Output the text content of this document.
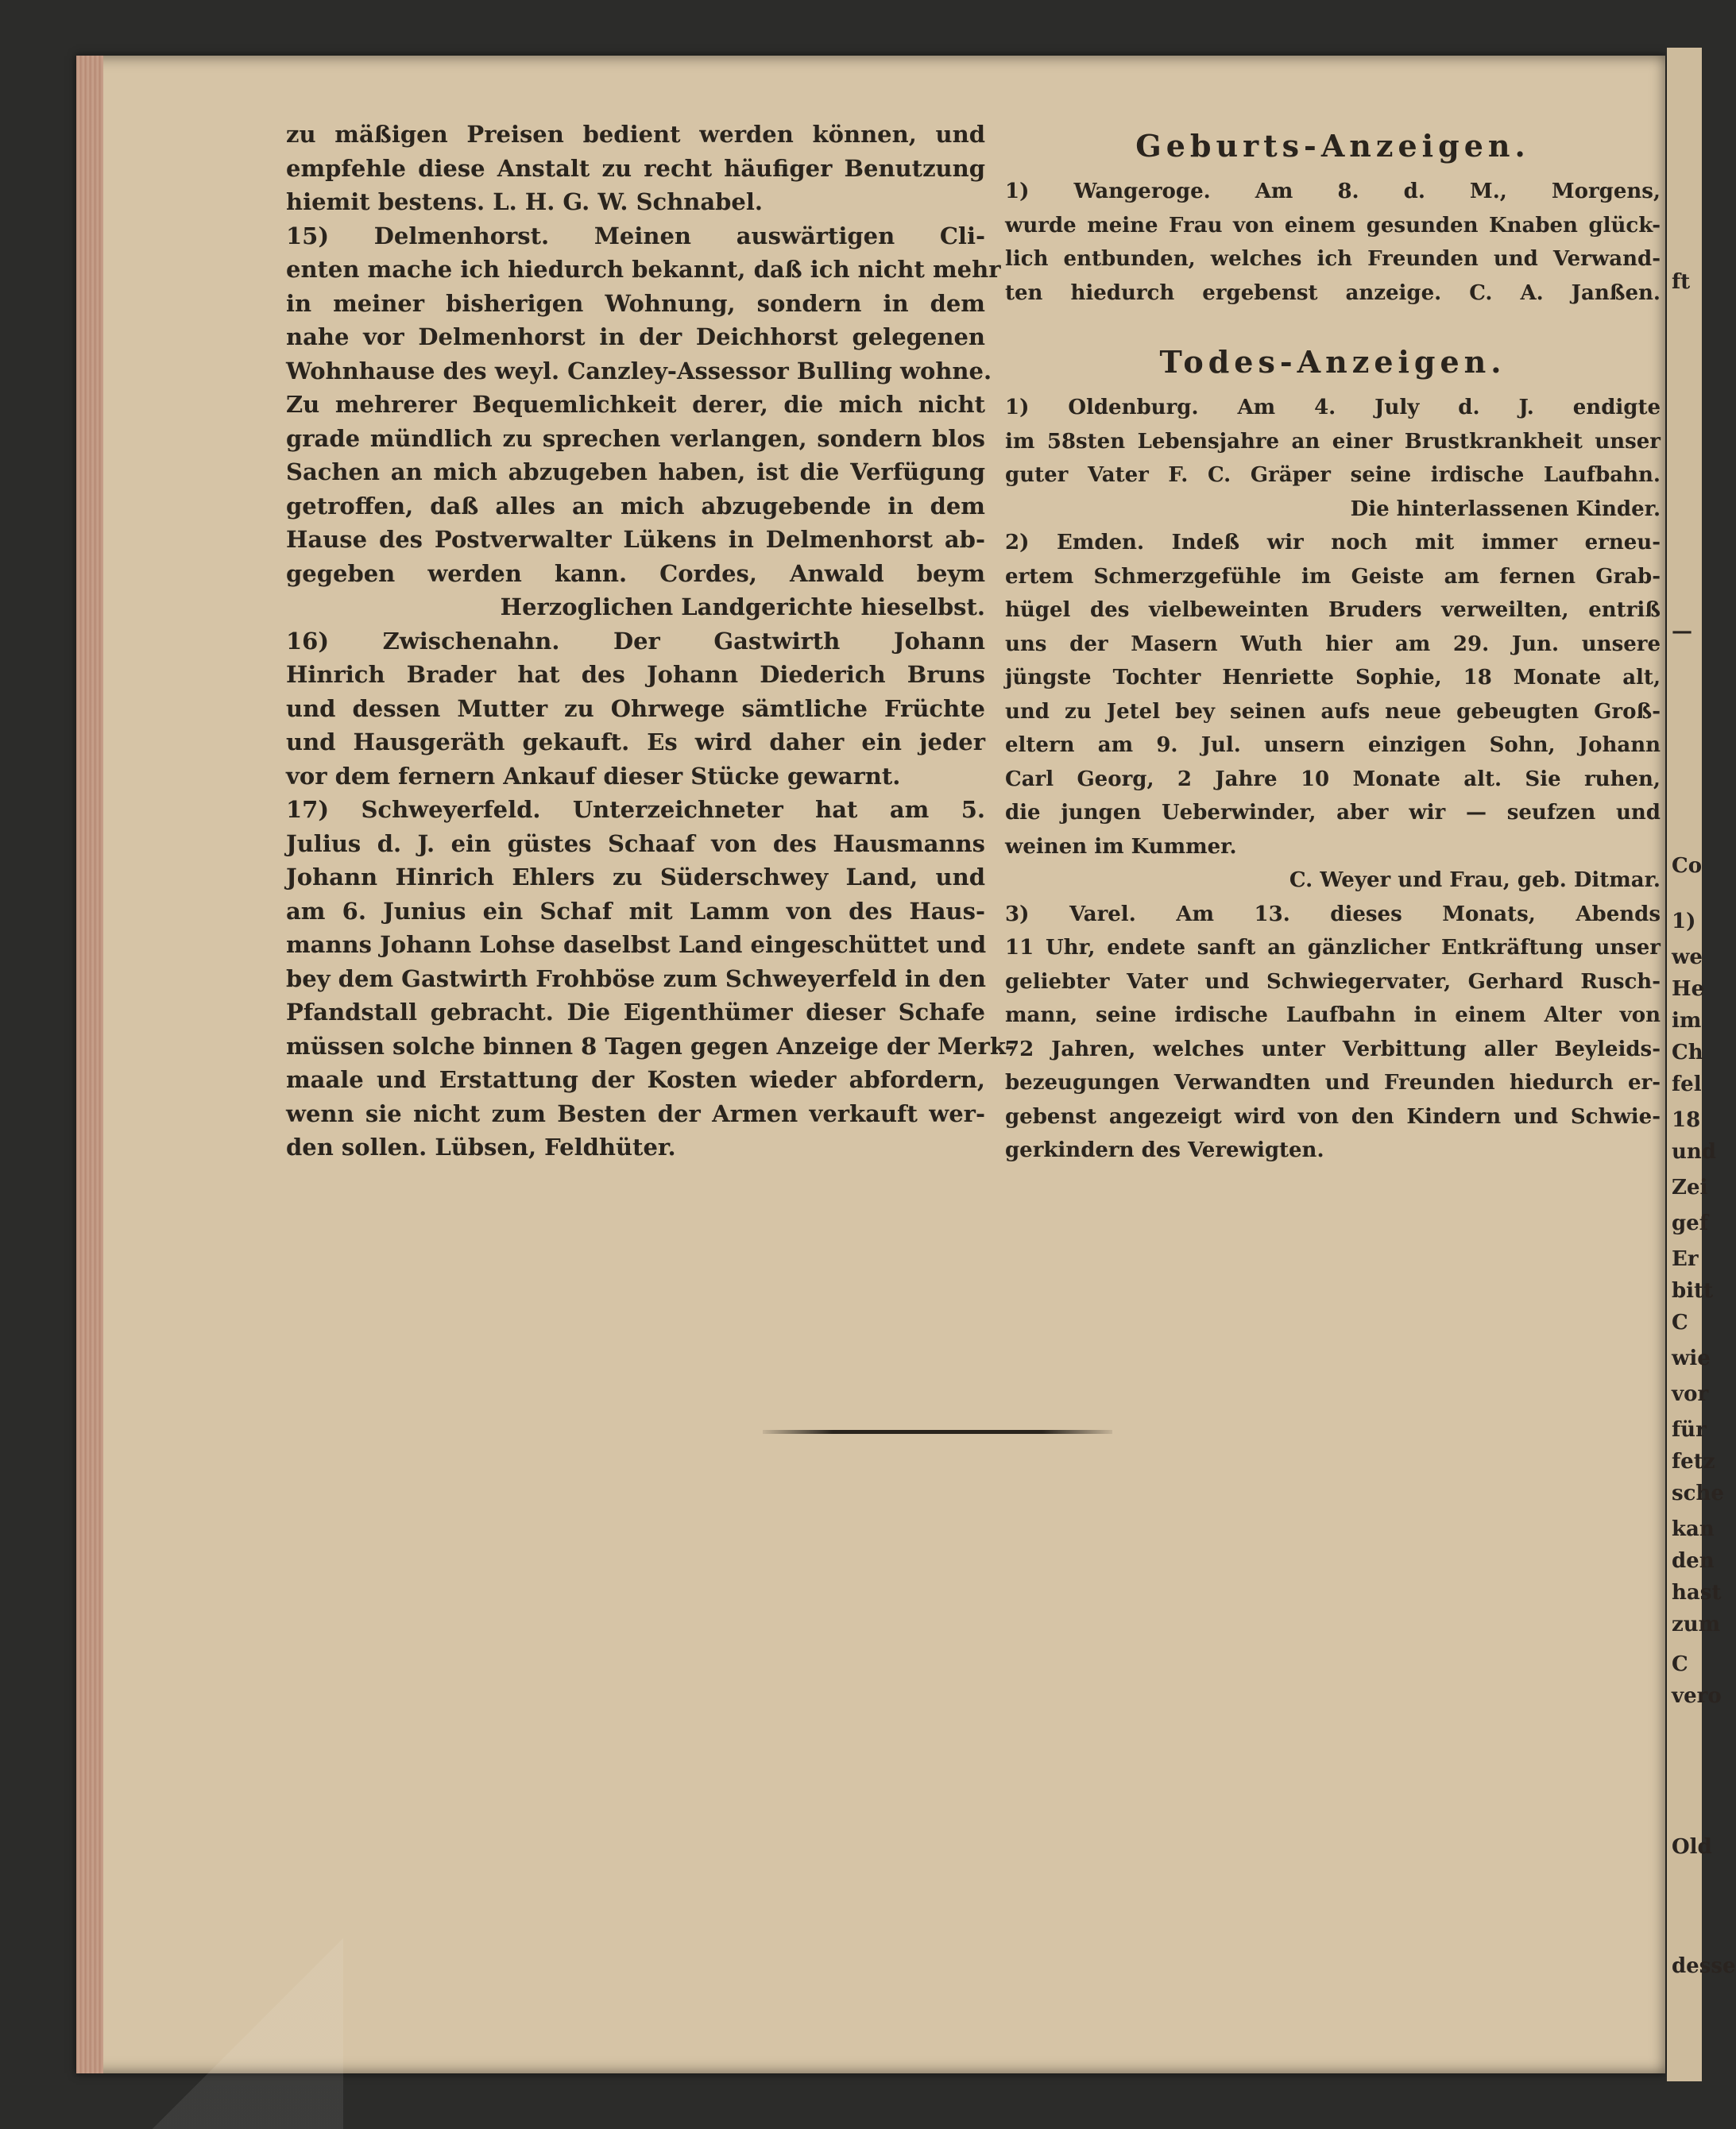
zu mäßigen Preisen bedient werden können, und
empfehle diese Anstalt zu recht häufiger Benutzung
hiemit bestens. L. H. G. W. Schnabel.
15) Delmenhorst. Meinen auswärtigen Cli-
enten mache ich hiedurch bekannt, daß ich nicht mehr
in meiner bisherigen Wohnung, sondern in dem
nahe vor Delmenhorst in der Deichhorst gelegenen
Wohnhause des weyl. Canzley-Assessor Bulling wohne.
Zu mehrerer Bequemlichkeit derer, die mich nicht
grade mündlich zu sprechen verlangen, sondern blos
Sachen an mich abzugeben haben, ist die Verfügung
getroffen, daß alles an mich abzugebende in dem
Hause des Postverwalter Lükens in Delmenhorst ab-
gegeben werden kann. Cordes, Anwald beym
Herzoglichen Landgerichte hieselbst.
16) Zwischenahn. Der Gastwirth Johann
Hinrich Brader hat des Johann Diederich Bruns
und dessen Mutter zu Ohrwege sämtliche Früchte
und Hausgeräth gekauft. Es wird daher ein jeder
vor dem fernern Ankauf dieser Stücke gewarnt.
17) Schweyerfeld. Unterzeichneter hat am 5.
Julius d. J. ein güstes Schaaf von des Hausmanns
Johann Hinrich Ehlers zu Süderschwey Land, und
am 6. Junius ein Schaf mit Lamm von des Haus-
manns Johann Lohse daselbst Land eingeschüttet und
bey dem Gastwirth Frohböse zum Schweyerfeld in den
Pfandstall gebracht. Die Eigenthümer dieser Schafe
müssen solche binnen 8 Tagen gegen Anzeige der Merk-
maale und Erstattung der Kosten wieder abfordern,
wenn sie nicht zum Besten der Armen verkauft wer-
den sollen. Lübsen, Feldhüter.
Geburts-Anzeigen.
1) Wangeroge. Am 8. d. M., Morgens,
wurde meine Frau von einem gesunden Knaben glück-
lich entbunden, welches ich Freunden und Verwand-
ten hiedurch ergebenst anzeige. C. A. Janßen.
Todes-Anzeigen.
1) Oldenburg. Am 4. July d. J. endigte
im 58sten Lebensjahre an einer Brustkrankheit unser
guter Vater F. C. Gräper seine irdische Laufbahn.
Die hinterlassenen Kinder.
2) Emden. Indeß wir noch mit immer erneu-
ertem Schmerzgefühle im Geiste am fernen Grab-
hügel des vielbeweinten Bruders verweilten, entriß
uns der Masern Wuth hier am 29. Jun. unsere
jüngste Tochter Henriette Sophie, 18 Monate alt,
und zu Jetel bey seinen aufs neue gebeugten Groß-
eltern am 9. Jul. unsern einzigen Sohn, Johann
Carl Georg, 2 Jahre 10 Monate alt. Sie ruhen,
die jungen Ueberwinder, aber wir — seufzen und
weinen im Kummer.
C. Weyer und Frau, geb. Ditmar.
3) Varel. Am 13. dieses Monats, Abends
11 Uhr, endete sanft an gänzlicher Entkräftung unser
geliebter Vater und Schwiegervater, Gerhard Rusch-
mann, seine irdische Laufbahn in einem Alter von
72 Jahren, welches unter Verbittung aller Beyleids-
bezeugungen Verwandten und Freunden hiedurch er-
gebenst angezeigt wird von den Kindern und Schwie-
gerkindern des Verewigten.
ft
—
Co
1)
we
He
im
Ch
fel
18
und
Zei
gef
Er
bitt
C
wie
vor
für
fetz
sche
kan
den
hast
zum
C
vero
Old
desse
